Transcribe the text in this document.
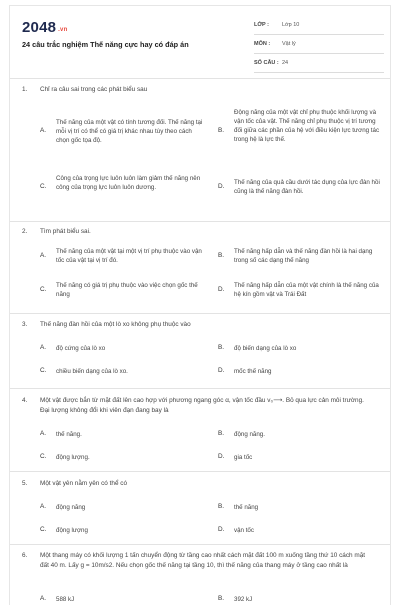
2048 .vn
24 câu trắc nghiệm Thế năng cực hay có đáp án
LỚP :	Lớp 10
MÔN :	Vật lý
SỐ CÂU : 24
1. Chỉ ra câu sai trong các phát biểu sau
A.
Thế năng của một vật có tính tương đối. Thế năng tại mỗi vị trí có thể có giá trị khác nhau tùy theo cách chọn gốc tọa độ.
B.
Động năng của một vật chỉ phụ thuộc khối lượng và vận tốc của vật. Thế năng chỉ phụ thuộc vị trí tương đối giữa các phần của hệ với điều kiện lực tương tác trong hệ là lực thế.
C.
Công của trọng lực luôn luôn làm giảm thế năng nên công của trọng lực luôn luôn dương.	D.
Thế năng của quả cầu dưới tác dụng của lực đàn hồi cũng là thế năng đàn hồi.
2. Tìm phát biểu sai.
A.
Thế năng của một vật tại một vị trí phụ thuộc vào vận tốc của vật tại vị trí đó.
B.
Thế năng hấp dẫn và thế năng đàn hồi là hai dạng trong số các dạng thế năng
C.
Thế năng có giá trị phụ thuộc vào việc chọn gốc thế năng
D.
Thế năng hấp dẫn của một vật chính là thế năng của hệ kín gồm vật và Trái Đất
3. Thế năng đàn hồi của một lò xo không phụ thuộc vào
A. độ cứng của lò xo	B. độ biến dạng của lò xo
C. chiều biến dạng của lò xo.	D. mốc thế năng
4. Một vật được bắn từ mặt đất lên cao hợp với phương ngang góc α, vận tốc đầu v₀⟶. Bỏ qua lực cản môi trường. Đại lượng không đổi khi viên đạn đang bay là
A. thế năng.	B. động năng.
C. động lượng.	D. gia tốc
5. Một vật yên nằm yên có thể có
A. động năng	B. thế năng
C. động lượng	D. vận tốc
6. Một thang máy có khối lượng 1 tấn chuyển động từ tầng cao nhất cách mặt đất 100 m xuống tầng thứ 10 cách mặt đất 40 m. Lấy g = 10m/s2. Nếu chọn gốc thế năng tại tầng 10, thì thế năng của thang máy ở tầng cao nhất là
A. 588 kJ	B. 392 kJ
